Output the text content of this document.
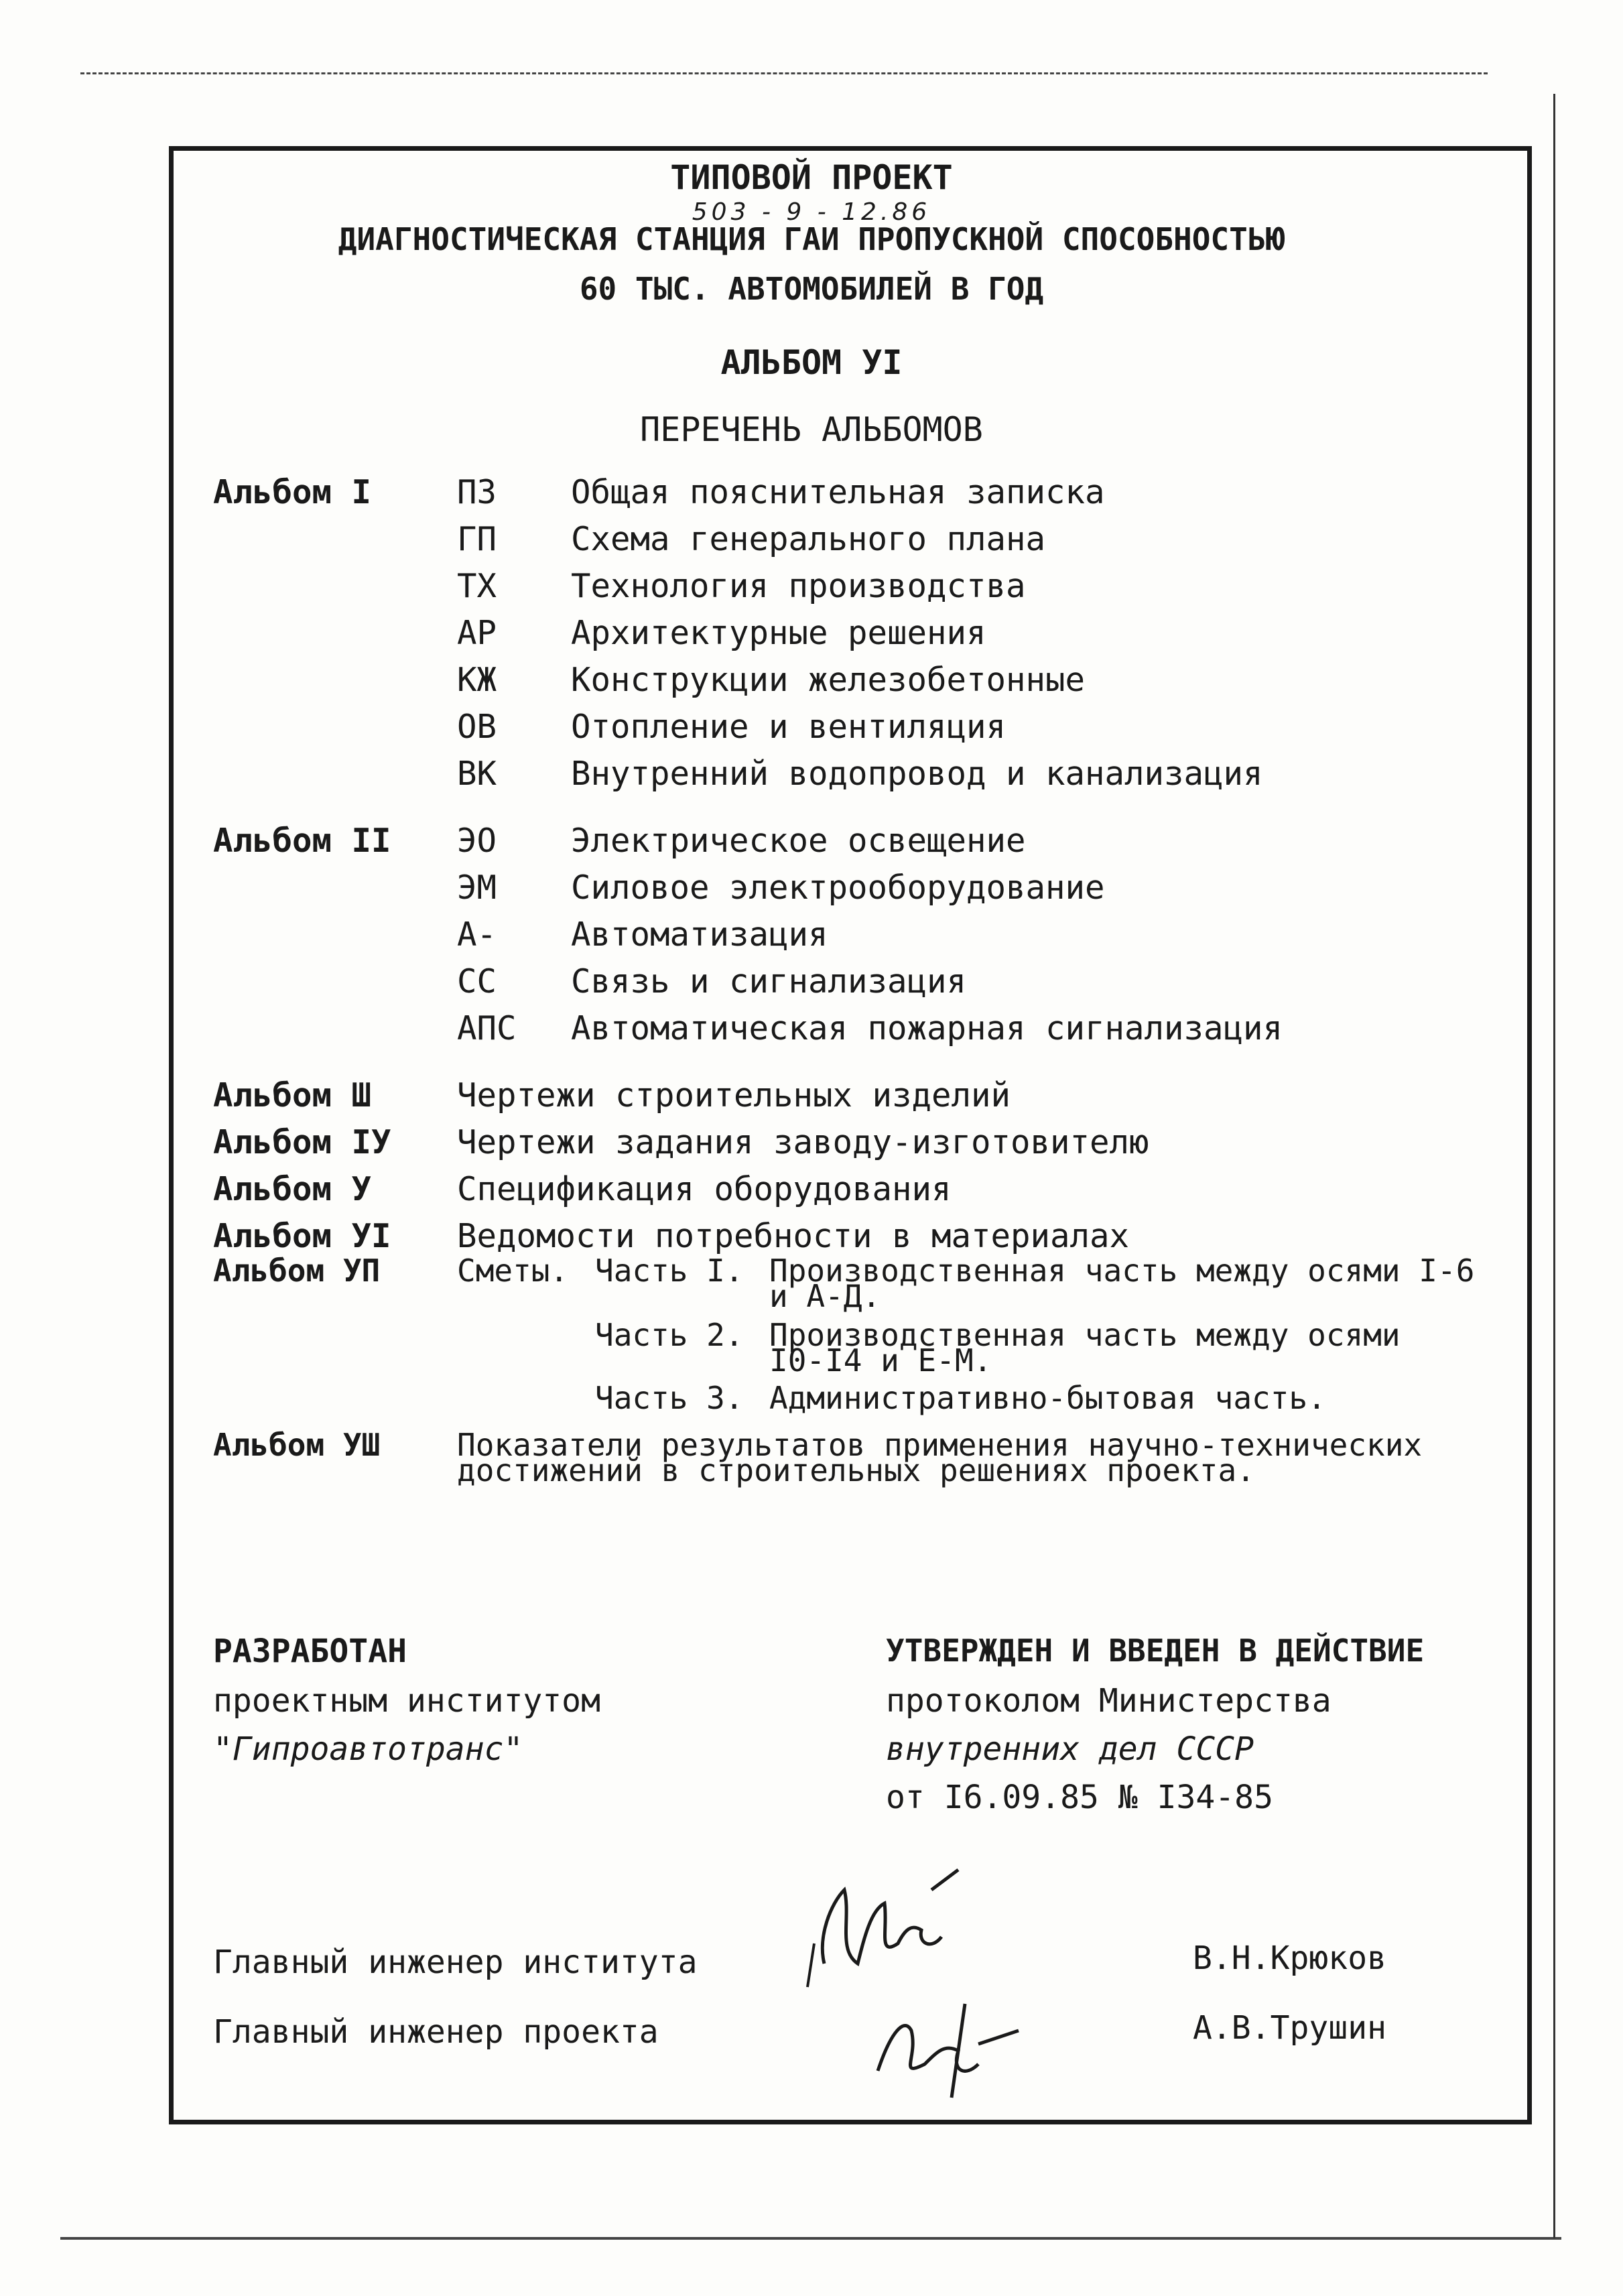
ТИПОВОЙ ПРОЕКТ
503 - 9 - 12.86
ДИАГНОСТИЧЕСКАЯ СТАНЦИЯ ГАИ ПРОПУСКНОЙ СПОСОБНОСТЬЮ
60 ТЫС. АВТОМОБИЛЕЙ В ГОД
АЛЬБОМ УI
ПЕРЕЧЕНЬ АЛЬБОМОВ
Альбом I	ПЗ Общая пояснительная записка
ГП Схема генерального плана
ТХ Технология производства
АР Архитектурные решения
КЖ Конструкции железобетонные
ОВ Отопление и вентиляция
ВК Внутренний водопровод и канализация
Альбом II ЭО Электрическое освещение
ЭМ Силовое электрооборудование
А- Автоматизация
СС Связь и сигнализация
АПС Автоматическая пожарная сигнализация
Альбом Ш	Чертежи строительных изделий
Альбом IУ Чертежи задания заводу-изготовителю
Альбом У	Спецификация оборудования
Альбом УI Ведомости потребности в материалах
Альбом УП Сметы. Часть I. Производственная часть между осями I-6
и А-Д.
Часть 2. Производственная часть между осями
I0-I4 и Е-М.
Часть 3. Административно-бытовая часть.
Альбом УШ Показатели результатов применения научно-технических
достижений в строительных решениях проекта.
РАЗРАБОТАН
проектным институтом
"Гипроавтотранс"
УТВЕРЖДЕН И ВВЕДЕН В ДЕЙСТВИЕ
протоколом Министерства
внутренних дел СССР
от I6.09.85 № I34-85
Главный инженер института	В.Н.Крюков
Главный инженер проекта	А.В.Трушин
